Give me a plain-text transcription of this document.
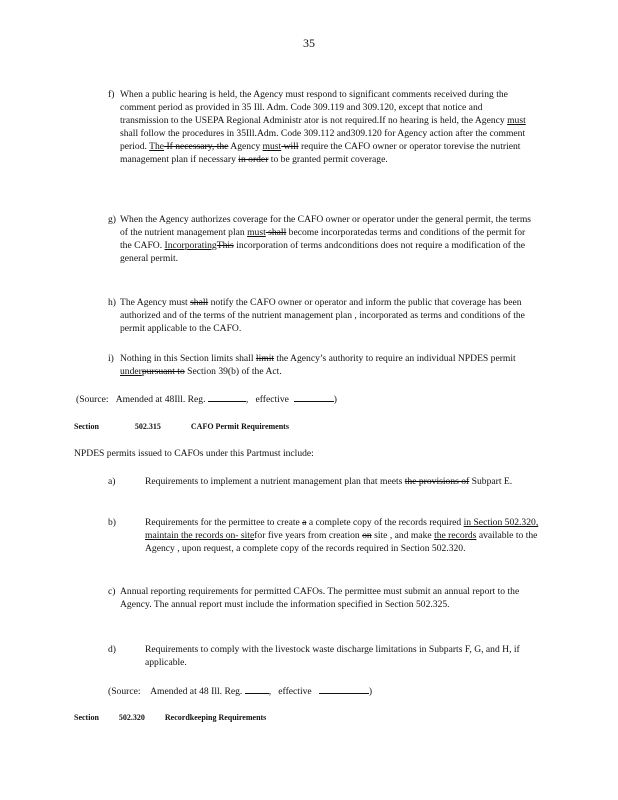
35
f) When a public hearing is held, the Agency must respond to significant comments received during the comment period as provided in 35 Ill. Adm. Code 309.119 and 309.120, except that notice and transmission to the USEPA Regional Administr ator is not required.If no hearing is held, the Agency must shall follow the procedures in 35Ill.Adm. Code 309.112 and309.120 for Agency action after the comment period. The If necessary, the Agency must will require the CAFO owner or operator torevise the nutrient management plan if necessary in order to be granted permit coverage.
g) When the Agency authorizes coverage for the CAFO owner or operator under the general permit, the terms of the nutrient management plan must shall become incorporatedas terms and conditions of the permit for the CAFO. IncorporatingThis incorporation of terms andconditions does not require a modification of the general permit.
h) The Agency must shall notify the CAFO owner or operator and inform the public that coverage has been authorized and of the terms of the nutrient management plan , incorporated as terms and conditions of the permit applicable to the CAFO.
i) Nothing in this Section limits shall limit the Agency’s authority to require an individual NPDES permit underpursuant to Section 39(b) of the Act.
(Source: Amended at 48Ill. Reg.	,   effective	)
Section	502.315	CAFO Permit Requirements
NPDES permits issued to CAFOs under this Partmust include:
a)	Requirements to implement a nutrient management plan that meets the provisions of Subpart E.
b)	Requirements for the permittee to create a a complete copy of the records required in Section 502.320, maintain the records on- sitefor five years from creation on site , and make the records available to the Agency , upon request, a complete copy of the records required in Section 502.320.
c) Annual reporting requirements for permitted CAFOs. The permittee must submit an annual report to the Agency. The annual report must include the information specified in Section 502.325.
d)	Requirements to comply with the livestock waste discharge limitations in Subparts F, G, and H, if applicable.
(Source: Amended at 48 Ill. Reg.	,   effective	)
Section	502.320	Recordkeeping Requirements
